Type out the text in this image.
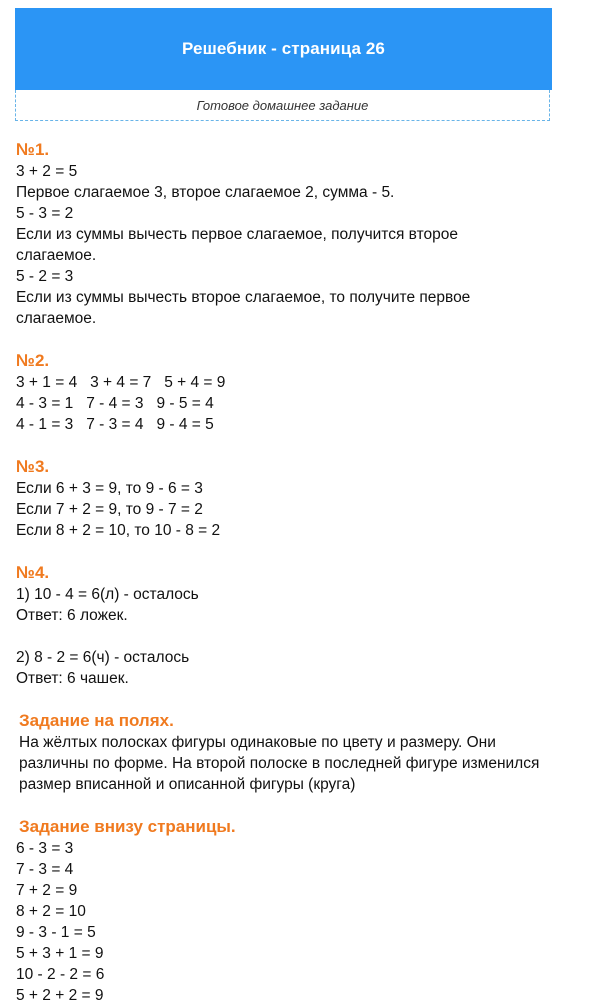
Решебник - страница 26
Готовое домашнее задание
№1.
3 + 2 = 5
Первое слагаемое 3, второе слагаемое 2, сумма - 5.
5 - 3 = 2
Если из суммы вычесть первое слагаемое, получится второе слагаемое.
5 - 2 = 3
Если из суммы вычесть второе слагаемое, то получите первое слагаемое.
№2.
3 + 1 = 4   3 + 4 = 7   5 + 4 = 9
4 - 3 = 1   7 - 4 = 3   9 - 5 = 4
4 - 1 = 3   7 - 3 = 4   9 - 4 = 5
№3.
Если 6 + 3 = 9, то 9 - 6 = 3
Если 7 + 2 = 9, то 9 - 7 = 2
Если 8 + 2 = 10, то 10 - 8 = 2
№4.
1) 10 - 4 = 6(л) - осталось
Ответ: 6 ложек.
2) 8 - 2 = 6(ч) - осталось
Ответ: 6 чашек.
Задание на полях.
На жёлтых полосках фигуры одинаковые по цвету и размеру. Они различны по форме. На второй полоске в последней фигуре изменился размер вписанной и описанной фигуры (круга)
Задание внизу страницы.
6 - 3 = 3
7 - 3 = 4
7 + 2 = 9
8 + 2 = 10
9 - 3 - 1 = 5
5 + 3 + 1 = 9
10 - 2 - 2 = 6
5 + 2 + 2 = 9
